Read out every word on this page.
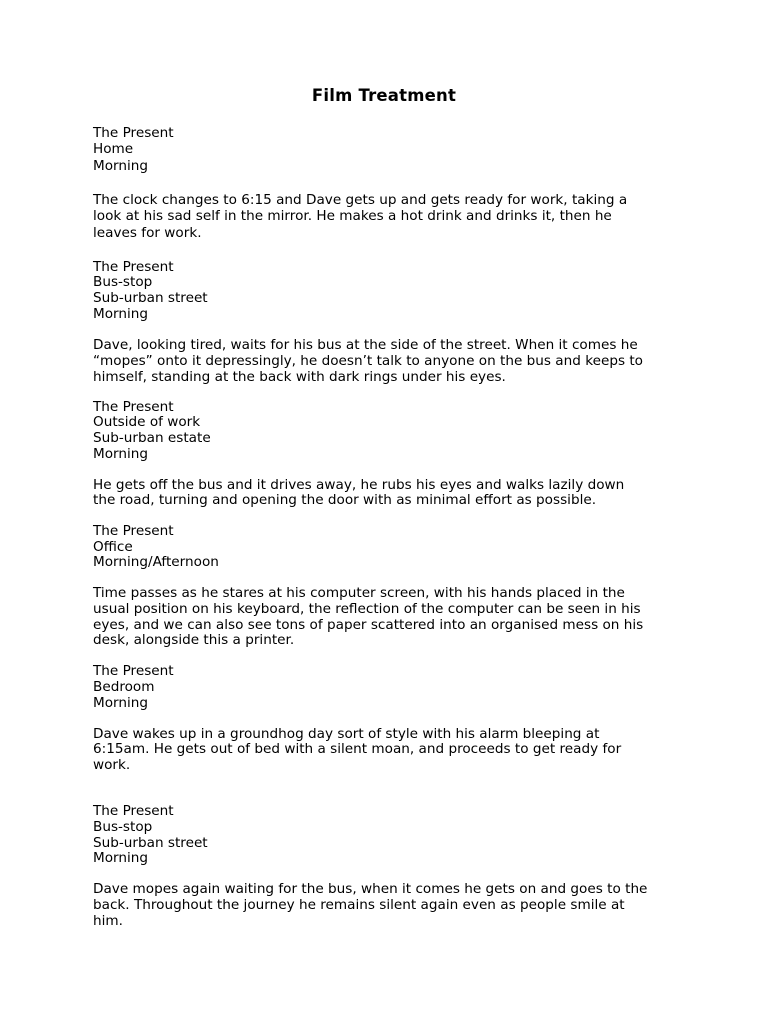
Film Treatment
The Present
Home
Morning
The clock changes to 6:15 and Dave gets up and gets ready for work, taking a
look at his sad self in the mirror. He makes a hot drink and drinks it, then he
leaves for work.
The Present
Bus-stop
Sub-urban street
Morning
Dave, looking tired, waits for his bus at the side of the street. When it comes he
“mopes” onto it depressingly, he doesn’t talk to anyone on the bus and keeps to
himself, standing at the back with dark rings under his eyes.
The Present
Outside of work
Sub-urban estate
Morning
He gets off the bus and it drives away, he rubs his eyes and walks lazily down
the road, turning and opening the door with as minimal effort as possible.
The Present
Office
Morning/Afternoon
Time passes as he stares at his computer screen, with his hands placed in the
usual position on his keyboard, the reflection of the computer can be seen in his
eyes, and we can also see tons of paper scattered into an organised mess on his
desk, alongside this a printer.
The Present
Bedroom
Morning
Dave wakes up in a groundhog day sort of style with his alarm bleeping at
6:15am. He gets out of bed with a silent moan, and proceeds to get ready for
work.
The Present
Bus-stop
Sub-urban street
Morning
Dave mopes again waiting for the bus, when it comes he gets on and goes to the
back. Throughout the journey he remains silent again even as people smile at
him.
